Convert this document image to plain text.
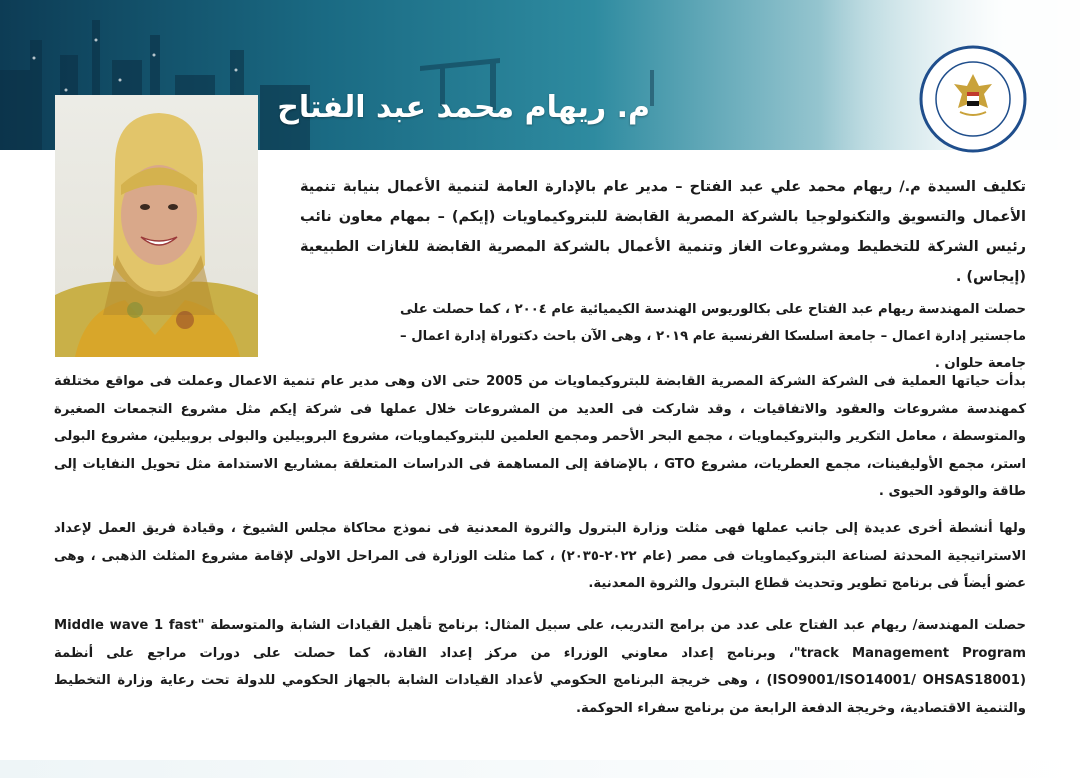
م. ريهام محمد عبد الفتاح
تكليف السيدة م./ ريهام محمد علي عبد الفتاح – مدير عام بالإدارة العامة لتنمية الأعمال بنيابة تنمية الأعمال والتسويق والتكنولوجيا بالشركة المصرية القابضة للبتروكيماويات (إيكم) – بمهام معاون نائب رئيس الشركة للتخطيط ومشروعات الغاز وتنمية الأعمال بالشركة المصرية القابضة للغازات الطبيعية (إيجاس) .
حصلت المهندسة ريهام عبد الفتاح على بكالوريوس الهندسة الكيميائية عام ٢٠٠٤ ، كما حصلت على ماجستير إدارة اعمال – جامعة اسلسكا الفرنسية عام ٢٠١٩ ، وهى الآن باحث دكتوراة إدارة اعمال – جامعة حلوان .
بدأت حياتها العملية فى الشركة الشركة المصرية القابضة للبتروكيماويات من 2005 حتى الان وهى مدير عام تنمية الاعمال وعملت فى مواقع مختلفة كمهندسة مشروعات والعقود والاتفاقيات ، وقد شاركت فى العديد من المشروعات خلال عملها فى شركة إيكم مثل مشروع التجمعات الصغيرة والمتوسطة ، معامل التكرير والبتروكيماويات ، مجمع البحر الأحمر ومجمع العلمين للبتروكيماويات، مشروع البروبيلين والبولى بروبيلين، مشروع البولى استر، مجمع الأوليفينات، مجمع العطريات، مشروع GTO ، بالإضافة إلى المساهمة فى الدراسات المتعلقة بمشاريع الاستدامة مثل تحويل النفايات إلى طاقة والوقود الحيوى .
ولها أنشطة أخرى عديدة إلى جانب عملها فهى مثلت وزارة البترول والثروة المعدنية فى نموذج محاكاة مجلس الشيوخ ، وقيادة فريق العمل لإعداد الاستراتيجية المحدثة لصناعة البتروكيماويات فى مصر (عام ٢٠٢٢-٢٠٣٥) ، كما مثلت الوزارة فى المراحل الاولى لإقامة مشروع المثلث الذهبى ، وهى عضو أيضاً فى برنامج تطوير وتحديث قطاع البترول والثروة المعدنية.
حصلت المهندسة/ ريهام عبد الفتاح على عدد من برامج التدريب، على سبيل المثال: برنامج تأهيل القيادات الشابة والمتوسطة "Middle wave 1 fast track Management Program"، وبرنامج إعداد معاوني الوزراء من مركز إعداد القادة، كما حصلت على دورات مراجع على أنظمة (ISO9001/ISO14001/ OHSAS18001) ، وهى خريجة البرنامج الحكومي لأعداد القيادات الشابة بالجهاز الحكومي للدولة تحت رعاية وزارة التخطيط والتنمية الاقتصادية، وخريجة الدفعة الرابعة من برنامج سفراء الحوكمة.
